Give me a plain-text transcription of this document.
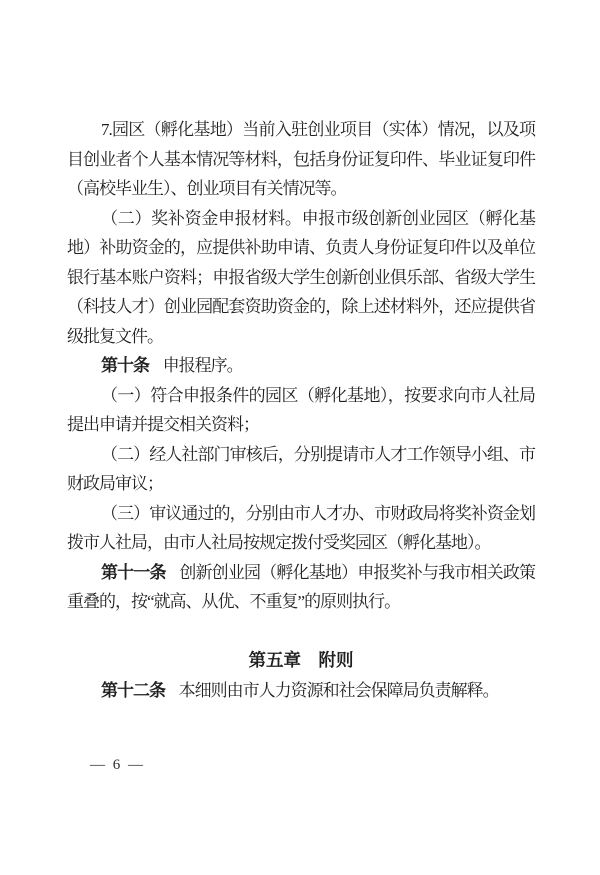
7.园区（孵化基地）当前入驻创业项目（实体）情况，以及项目创业者个人基本情况等材料，包括身份证复印件、毕业证复印件（高校毕业生）、创业项目有关情况等。

（二）奖补资金申报材料。申报市级创新创业园区（孵化基地）补助资金的，应提供补助申请、负责人身份证复印件以及单位银行基本账户资料；申报省级大学生创新创业俱乐部、省级大学生（科技人才）创业园配套资助资金的，除上述材料外，还应提供省级批复文件。

第十条 申报程序。

（一）符合申报条件的园区（孵化基地），按要求向市人社局提出申请并提交相关资料；

（二）经人社部门审核后，分别提请市人才工作领导小组、市财政局审议；

（三）审议通过的，分别由市人才办、市财政局将奖补资金划拨市人社局，由市人社局按规定拨付受奖园区（孵化基地）。

第十一条 创新创业园（孵化基地）申报奖补与我市相关政策重叠的，按“就高、从优、不重复”的原则执行。

第五章　附则

第十二条 本细则由市人力资源和社会保障局负责解释。

— 6 —
